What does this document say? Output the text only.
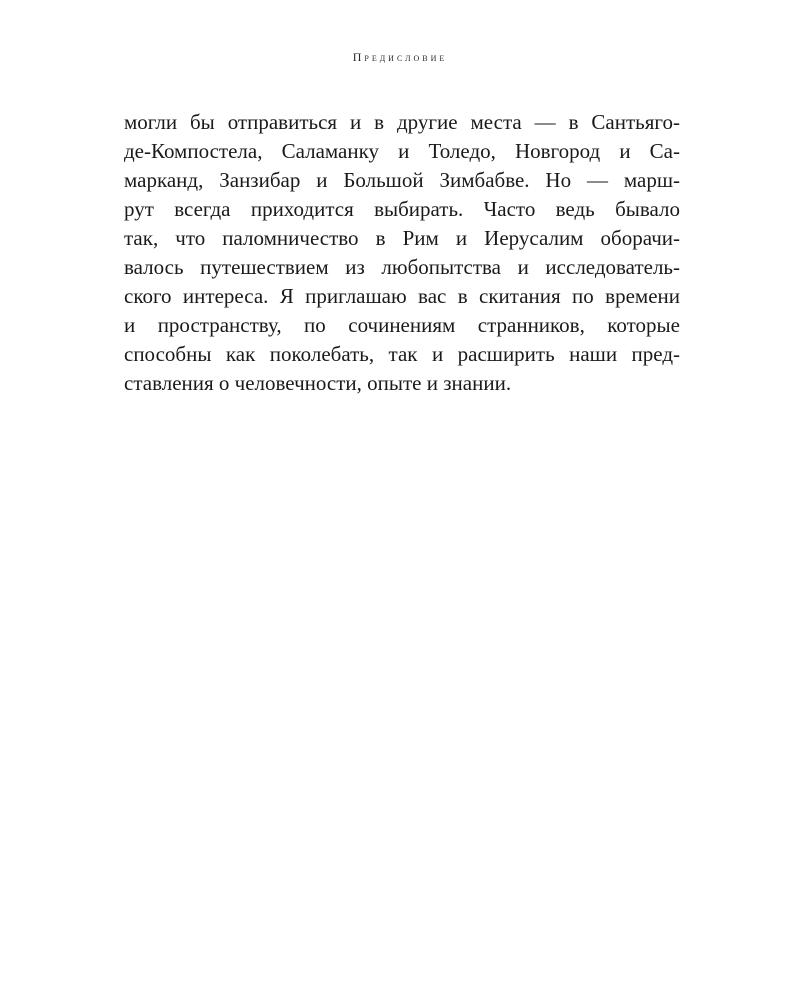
Предисловие
могли бы отправиться и в другие места — в Сантьяго-
де-Компостела, Саламанку и Толедо, Новгород и Са-
марканд, Занзибар и Большой Зимбабве. Но — марш-
рут всегда приходится выбирать. Часто ведь бывало
так, что паломничество в Рим и Иерусалим оборачи-
валось путешествием из любопытства и исследователь-
ского интереса. Я приглашаю вас в скитания по времени
и пространству, по сочинениям странников, которые
способны как поколебать, так и расширить наши пред-
ставления о человечности, опыте и знании.
